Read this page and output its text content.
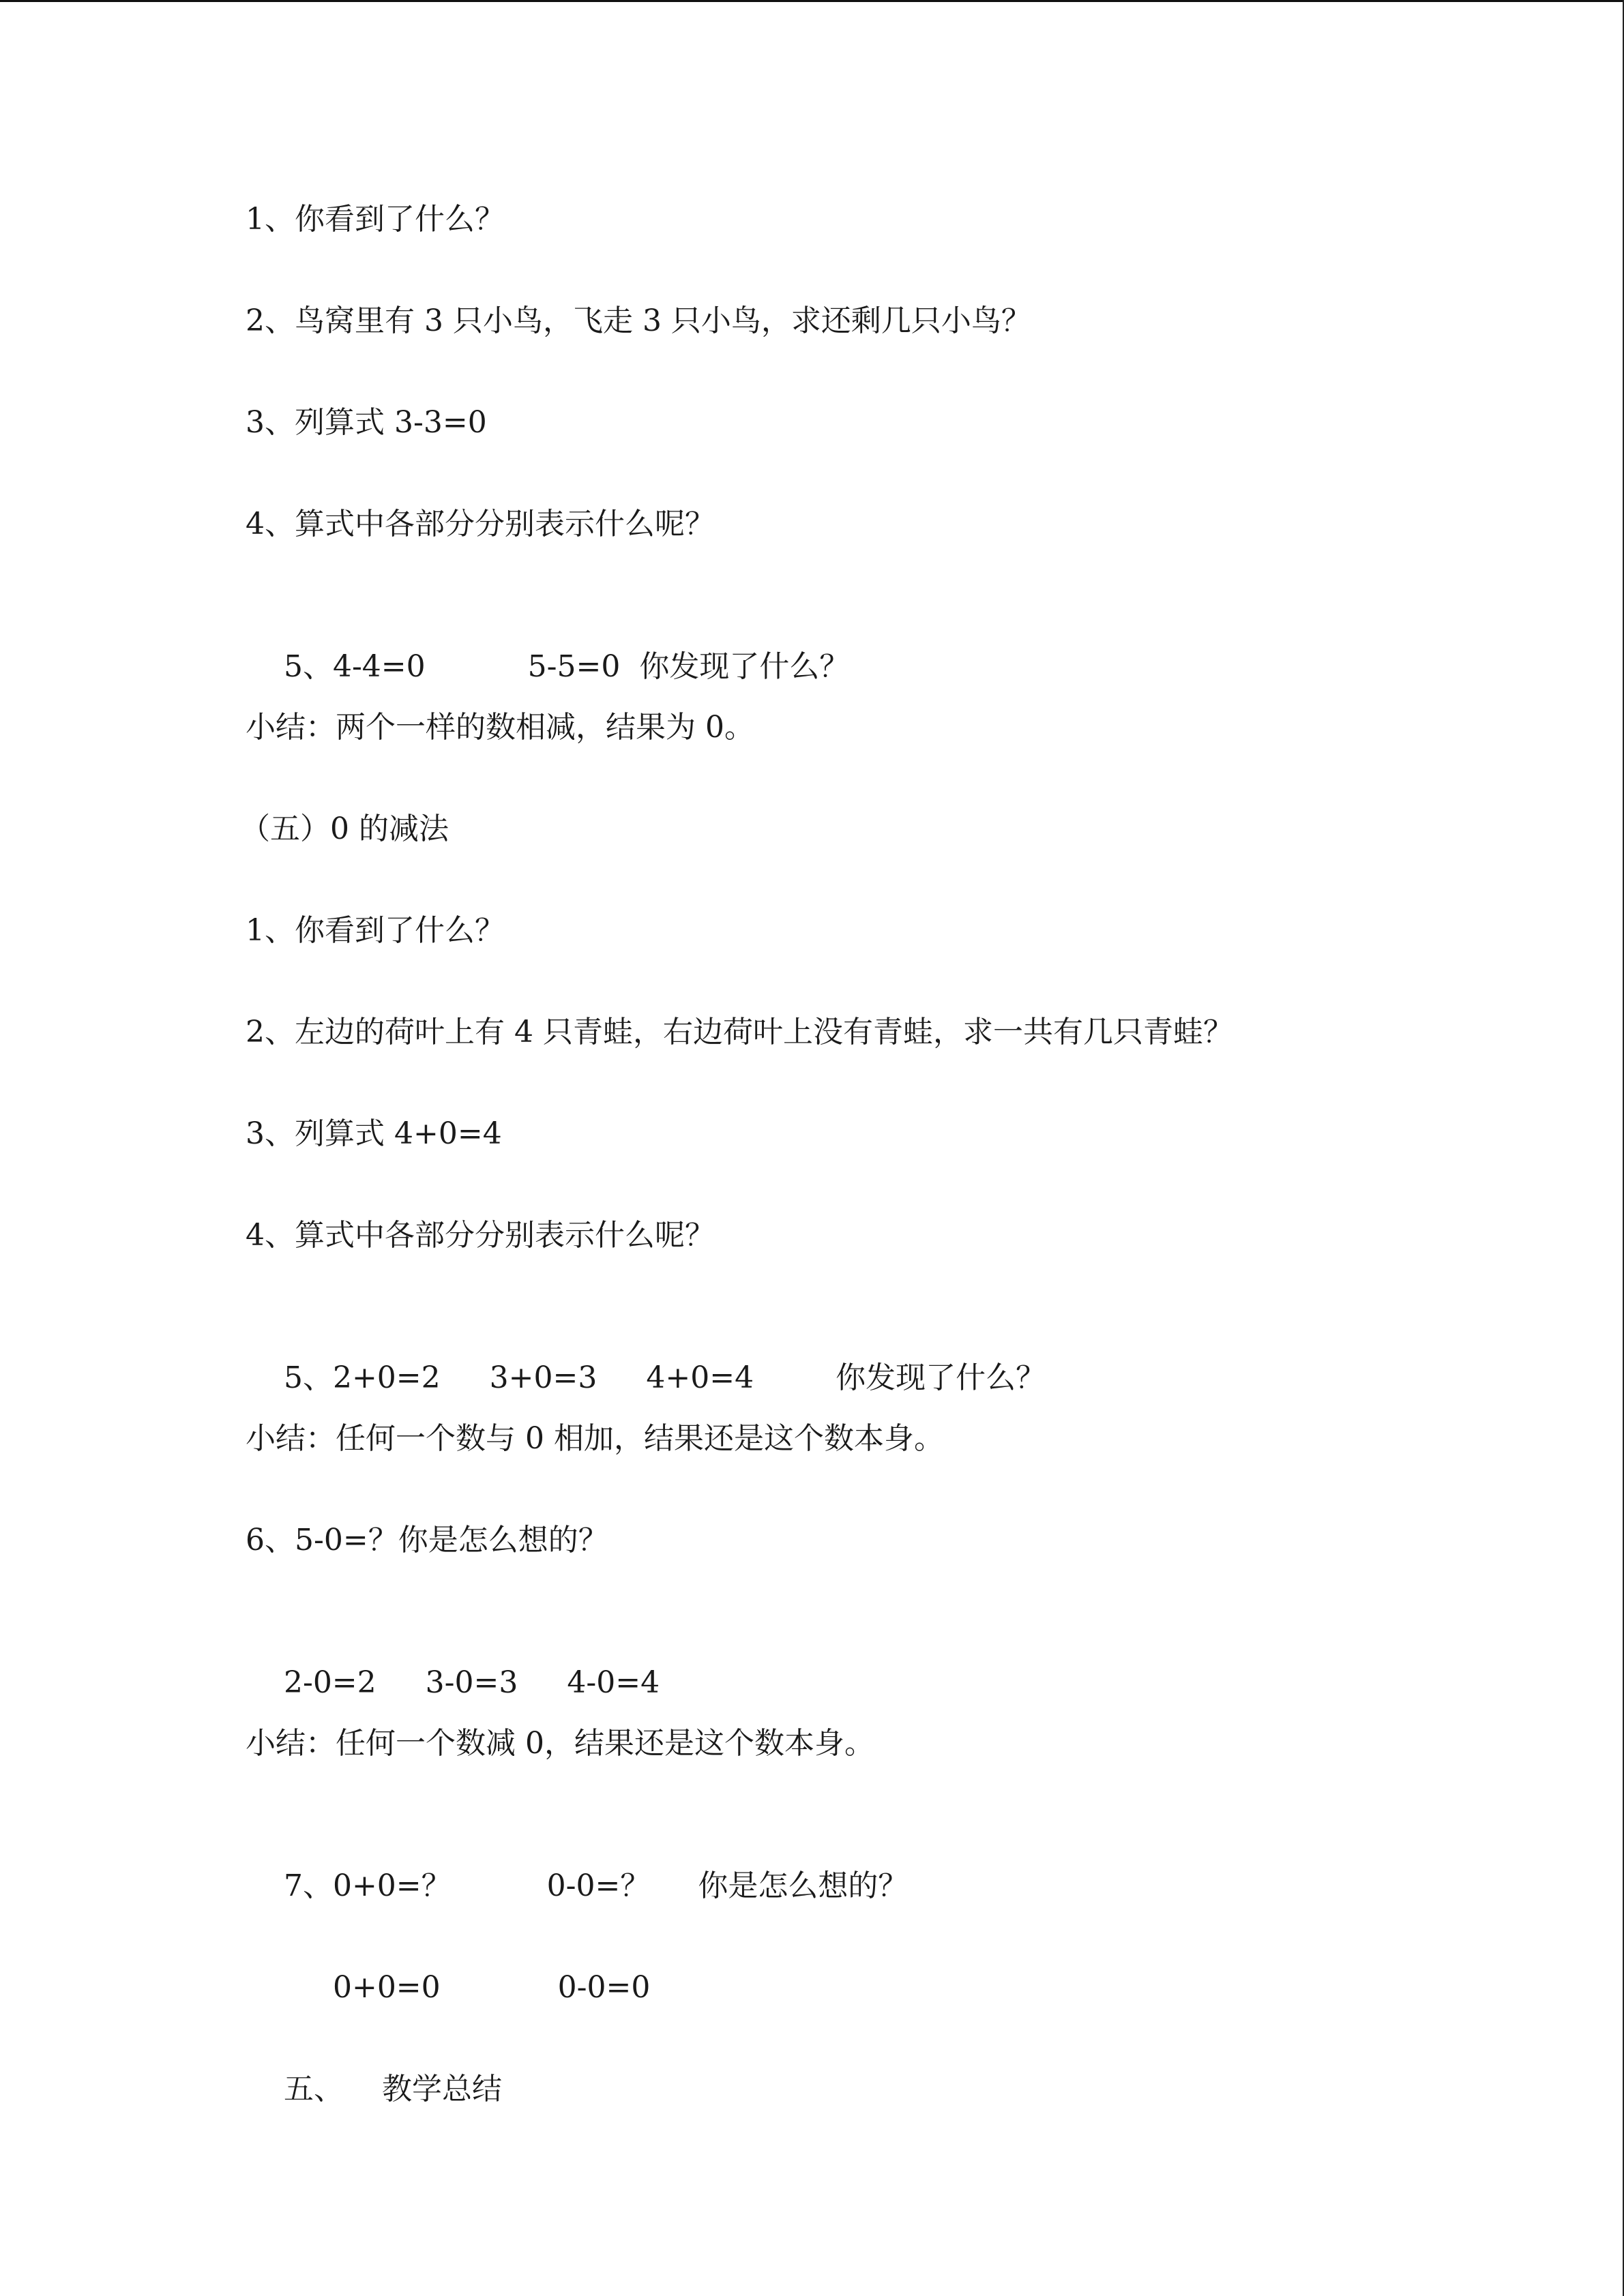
1、你看到了什么？
2、鸟窝里有 3 只小鸟，飞走 3 只小鸟，求还剩几只小鸟？
3、列算式 3-3=0
4、算式中各部分分别表示什么呢？

5、4-4=0	5-5=0  你发现了什么？

小结：两个一样的数相减，结果为 0。
（五）0 的减法
1、你看到了什么？
2、左边的荷叶上有 4 只青蛙，右边荷叶上没有青蛙，求一共有几只青蛙？
3、列算式 4+0=4
4、算式中各部分分别表示什么呢？

5、2+0=2 3+0=3 4+0=4	你发现了什么？

小结：任何一个数与 0 相加，结果还是这个数本身。
6、5-0=？你是怎么想的？

2-0=2 3-0=3 4-0=4

小结：任何一个数减 0，结果还是这个数本身。

7、0+0=？	0-0=？ 你是怎么想的？

0+0=0	0-0=0

五、 教学总结
